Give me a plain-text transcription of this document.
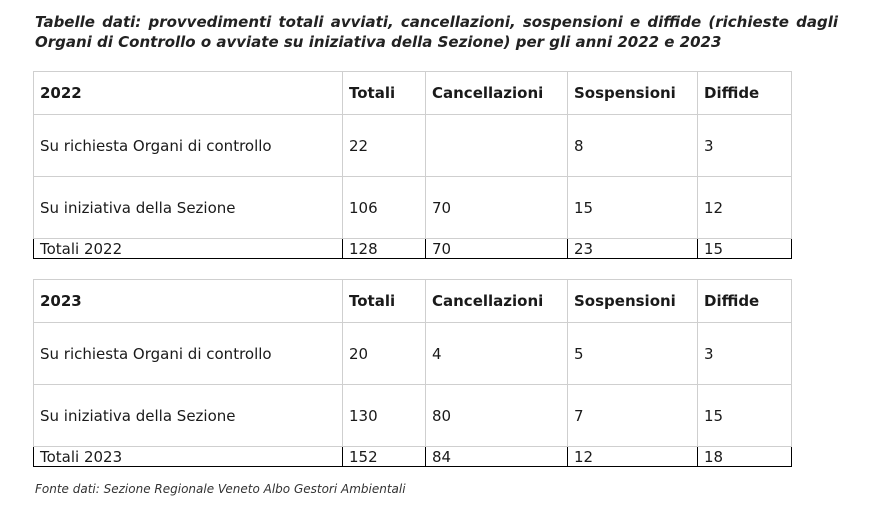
Tabelle dati: provvedimenti totali avviati, cancellazioni, sospensioni e diffide (richieste dagli Organi di Controllo o avviate su iniziativa della Sezione) per gli anni 2022 e 2023

2022	Totali	Cancellazioni	Sospensioni	Diffide
Su richiesta Organi di controllo	22		8	3
Su iniziativa della Sezione	106	70	15	12
Totali 2022	128	70	23	15
2023	Totali	Cancellazioni	Sospensioni	Diffide
Su richiesta Organi di controllo	20	4	5	3
Su iniziativa della Sezione	130	80	7	15
Totali 2023	152	84	12	18

Fonte dati: Sezione Regionale Veneto Albo Gestori Ambientali
